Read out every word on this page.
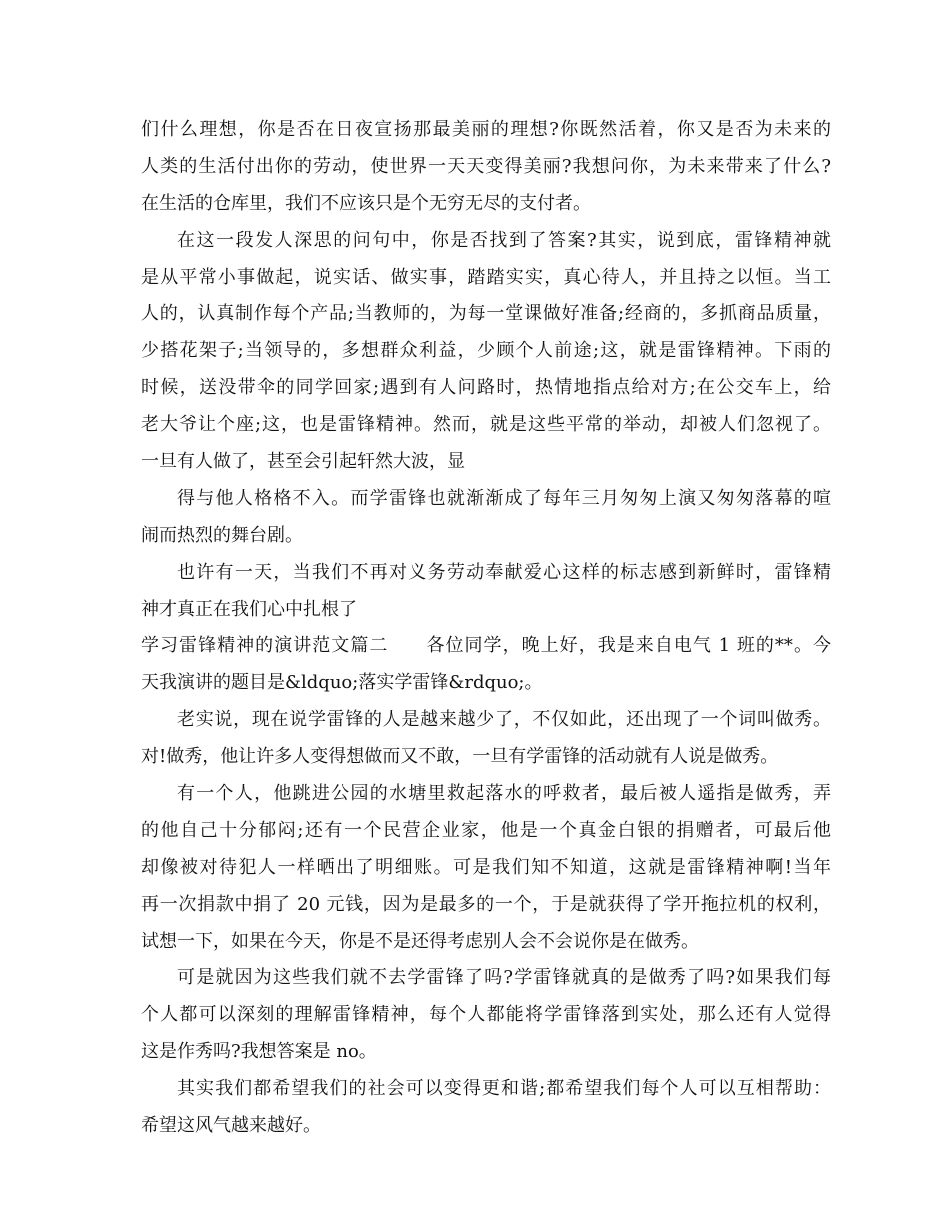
们什么理想，你是否在日夜宣扬那最美丽的理想?你既然活着，你又是否为未来的
人类的生活付出你的劳动，使世界一天天变得美丽?我想问你，为未来带来了什么?
在生活的仓库里，我们不应该只是个无穷无尽的支付者。
在这一段发人深思的问句中，你是否找到了答案?其实，说到底，雷锋精神就
是从平常小事做起，说实话、做实事，踏踏实实，真心待人，并且持之以恒。当工
人的，认真制作每个产品;当教师的，为每一堂课做好准备;经商的，多抓商品质量，
少搭花架子;当领导的，多想群众利益，少顾个人前途;这，就是雷锋精神。下雨的
时候，送没带伞的同学回家;遇到有人问路时，热情地指点给对方;在公交车上，给
老大爷让个座;这，也是雷锋精神。然而，就是这些平常的举动，却被人们忽视了。
一旦有人做了，甚至会引起轩然大波，显
得与他人格格不入。而学雷锋也就渐渐成了每年三月匆匆上演又匆匆落幕的喧
闹而热烈的舞台剧。
也许有一天，当我们不再对义务劳动奉献爱心这样的标志感到新鲜时，雷锋精
神才真正在我们心中扎根了
学习雷锋精神的演讲范文篇二　　各位同学，晚上好，我是来自电气 1 班的**。今
天我演讲的题目是&ldquo;落实学雷锋&rdquo;。
老实说，现在说学雷锋的人是越来越少了，不仅如此，还出现了一个词叫做秀。
对!做秀，他让许多人变得想做而又不敢，一旦有学雷锋的活动就有人说是做秀。
有一个人，他跳进公园的水塘里救起落水的呼救者，最后被人遥指是做秀，弄
的他自己十分郁闷;还有一个民营企业家，他是一个真金白银的捐赠者，可最后他
却像被对待犯人一样晒出了明细账。可是我们知不知道，这就是雷锋精神啊!当年
再一次捐款中捐了 20 元钱，因为是最多的一个，于是就获得了学开拖拉机的权利，
试想一下，如果在今天，你是不是还得考虑别人会不会说你是在做秀。
可是就因为这些我们就不去学雷锋了吗?学雷锋就真的是做秀了吗?如果我们每
个人都可以深刻的理解雷锋精神，每个人都能将学雷锋落到实处，那么还有人觉得
这是作秀吗?我想答案是 no。
其实我们都希望我们的社会可以变得更和谐;都希望我们每个人可以互相帮助：
希望这风气越来越好。
